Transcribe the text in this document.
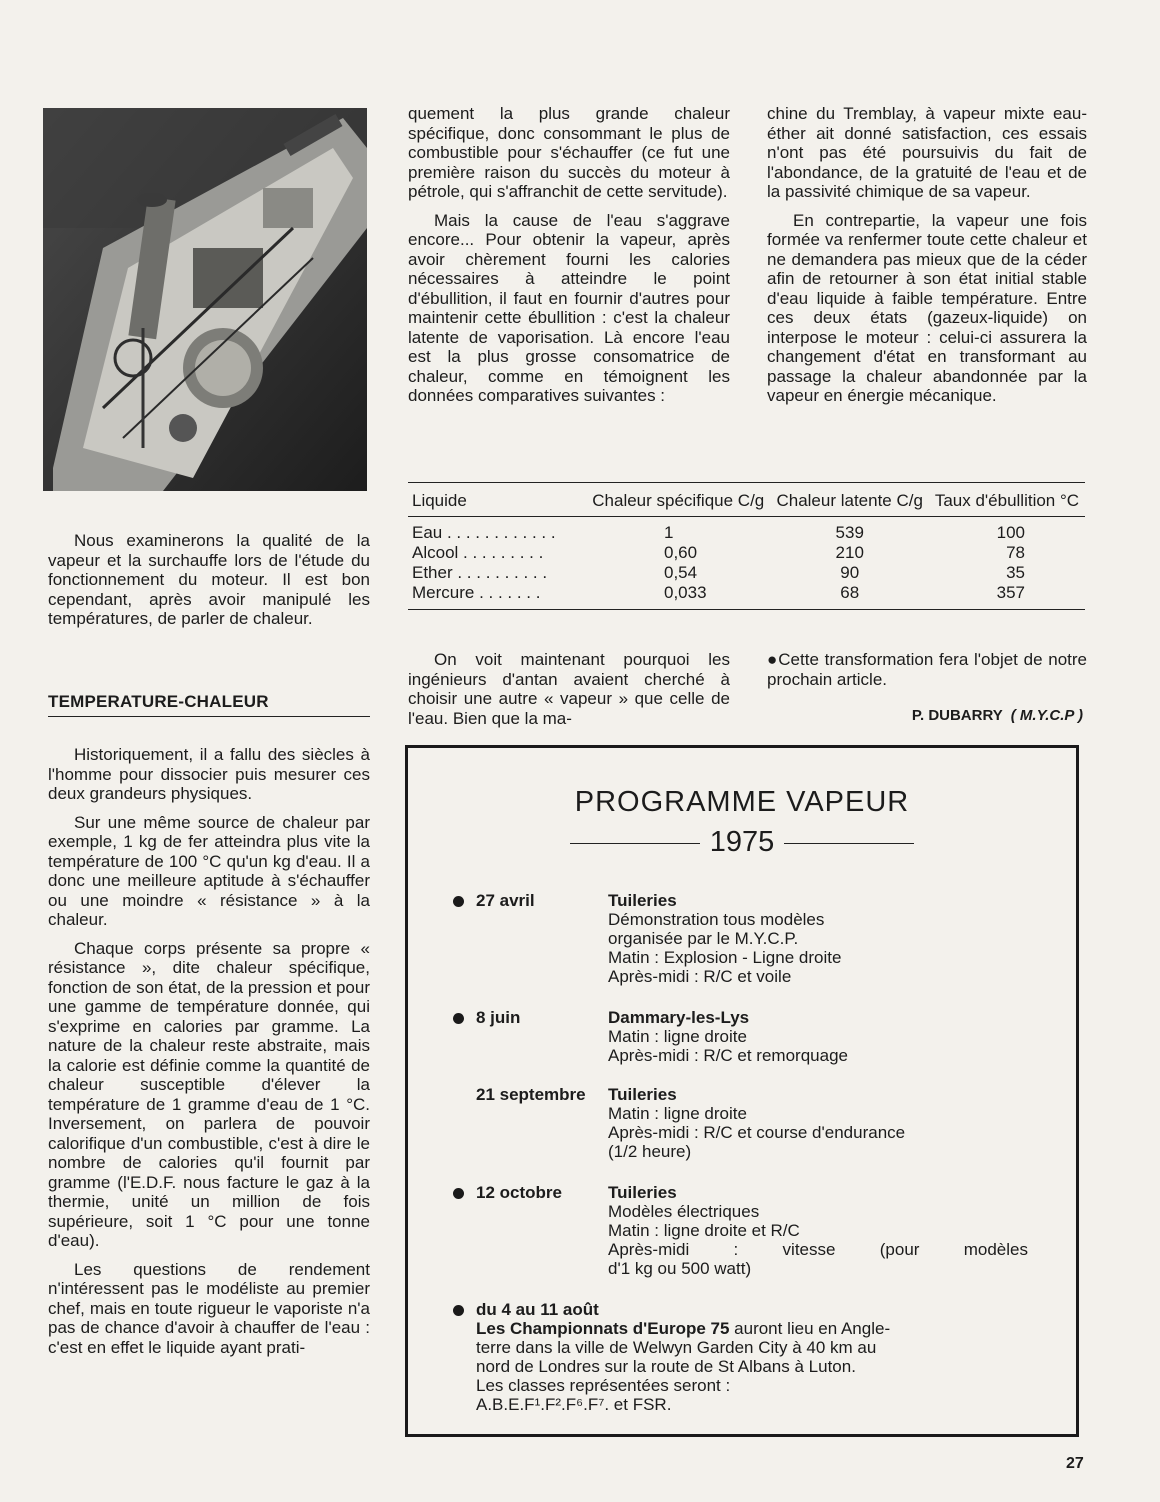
Nous examinerons la qualité de la vapeur et la surchauffe lors de l'étude du fonctionnement du moteur. Il est bon cependant, après avoir manipulé les températures, de parler de chaleur.

TEMPERATURE-CHALEUR

Historiquement, il a fallu des siècles à l'homme pour dissocier puis mesurer ces deux grandeurs physiques.

Sur une même source de chaleur par exemple, 1 kg de fer atteindra plus vite la température de 100 °C qu'un kg d'eau. Il a donc une meilleure aptitude à s'échauffer ou une moindre « résistance » à la chaleur.

Chaque corps présente sa propre « résistance », dite chaleur spécifique, fonction de son état, de la pression et pour une gamme de température donnée, qui s'exprime en calories par gramme. La nature de la chaleur reste abstraite, mais la calorie est définie comme la quantité de chaleur susceptible d'élever la température de 1 gramme d'eau de 1 °C. Inversement, on parlera de pouvoir calorifique d'un combustible, c'est à dire le nombre de calories qu'il fournit par gramme (l'E.D.F. nous facture le gaz à la thermie, unité un million de fois supérieure, soit 1 °C pour une tonne d'eau).

Les questions de rendement n'intéressent pas le modéliste au premier chef, mais en toute rigueur le vaporiste n'a pas de chance d'avoir à chauffer de l'eau : c'est en effet le liquide ayant prati-

quement la plus grande chaleur spécifique, donc consommant le plus de combustible pour s'échauffer (ce fut une première raison du succès du moteur à pétrole, qui s'affranchit de cette servitude).

Mais la cause de l'eau s'aggrave encore... Pour obtenir la vapeur, après avoir chèrement fourni les calories nécessaires à atteindre le point d'ébullition, il faut en fournir d'autres pour maintenir cette ébullition : c'est la chaleur latente de vaporisation. Là encore l'eau est la plus grosse consomatrice de chaleur, comme en témoignent les données comparatives suivantes :

chine du Tremblay, à vapeur mixte eau-éther ait donné satisfaction, ces essais n'ont pas été poursuivis du fait de l'abondance, de la gratuité de l'eau et de la passivité chimique de sa vapeur.

En contrepartie, la vapeur une fois formée va renfermer toute cette chaleur et ne demandera pas mieux que de la céder afin de retourner à son état initial stable d'eau liquide à faible température. Entre ces deux états (gazeux-liquide) on interpose le moteur : celui-ci assurera la changement d'état en transformant au passage la chaleur abandonnée par la vapeur en énergie mécanique.

Liquide	Chaleur spécifique C/g	Chaleur latente C/g	Taux d'ébullition °C
Eau . . . . . . . . . . . .	1	539	100
Alcool . . . . . . . . .	0,60	210	78
Ether . . . . . . . . . .	0,54	90	35
Mercure . . . . . . .	0,033	68	357

On voit maintenant pourquoi les ingénieurs d'antan avaient cherché à choisir une autre « vapeur » que celle de l'eau. Bien que la ma-

●Cette transformation fera l'objet de notre prochain article.

P. DUBARRY ( M.Y.C.P )
PROGRAMME VAPEUR
1975
27 avril	Tuileries
Démonstration tous modèles
organisée par le M.Y.C.P.
Matin : Explosion - Ligne droite
Après-midi : R/C et voile
8 juin	Dammary-les-Lys
Matin : ligne droite
Après-midi : R/C et remorquage
21 septembre Tuileries
Matin : ligne droite
Après-midi : R/C et course d'endurance
(1/2 heure)
12 octobre	Tuileries
Modèles électriques
Matin : ligne droite et R/C
Après-midi : vitesse (pour modèles
d'1 kg ou 500 watt)
du 4 au 11 août
Les Championnats d'Europe 75 auront lieu en Angle-
terre dans la ville de Welwyn Garden City à 40 km au
nord de Londres sur la route de St Albans à Luton.
Les classes représentées seront :
A.B.E.F¹.F².F⁶.F⁷. et FSR.
27
